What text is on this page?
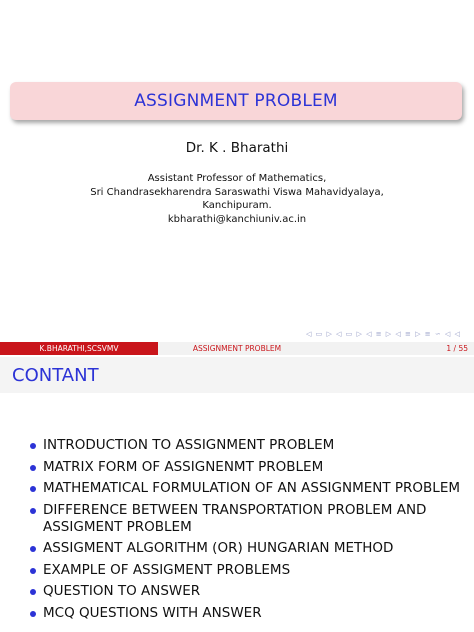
ASSIGNMENT PROBLEM
Dr. K . Bharathi
Assistant Professor of Mathematics,
Sri Chandrasekharendra Saraswathi Viswa Mahavidyalaya,
Kanchipuram.
kbharathi@kanchiuniv.ac.in
◁ ▭ ▷ ◁ ▭ ▷ ◁ ≡ ▷ ◁ ≡ ▷ ≡ ∽ ◁ ◁
K.BHARATHI,SCSVMV	ASSIGNMENT PROBLEM	1 / 55
CONTANT
INTRODUCTION TO ASSIGNMENT PROBLEM
MATRIX FORM OF ASSIGNENMT PROBLEM
MATHEMATICAL FORMULATION OF AN ASSIGNMENT PROBLEM
DIFFERENCE BETWEEN TRANSPORTATION PROBLEM AND ASSIGMENT PROBLEM
ASSIGMENT ALGORITHM (OR) HUNGARIAN METHOD
EXAMPLE OF ASSIGMENT PROBLEMS
QUESTION TO ANSWER
MCQ QUESTIONS WITH ANSWER
